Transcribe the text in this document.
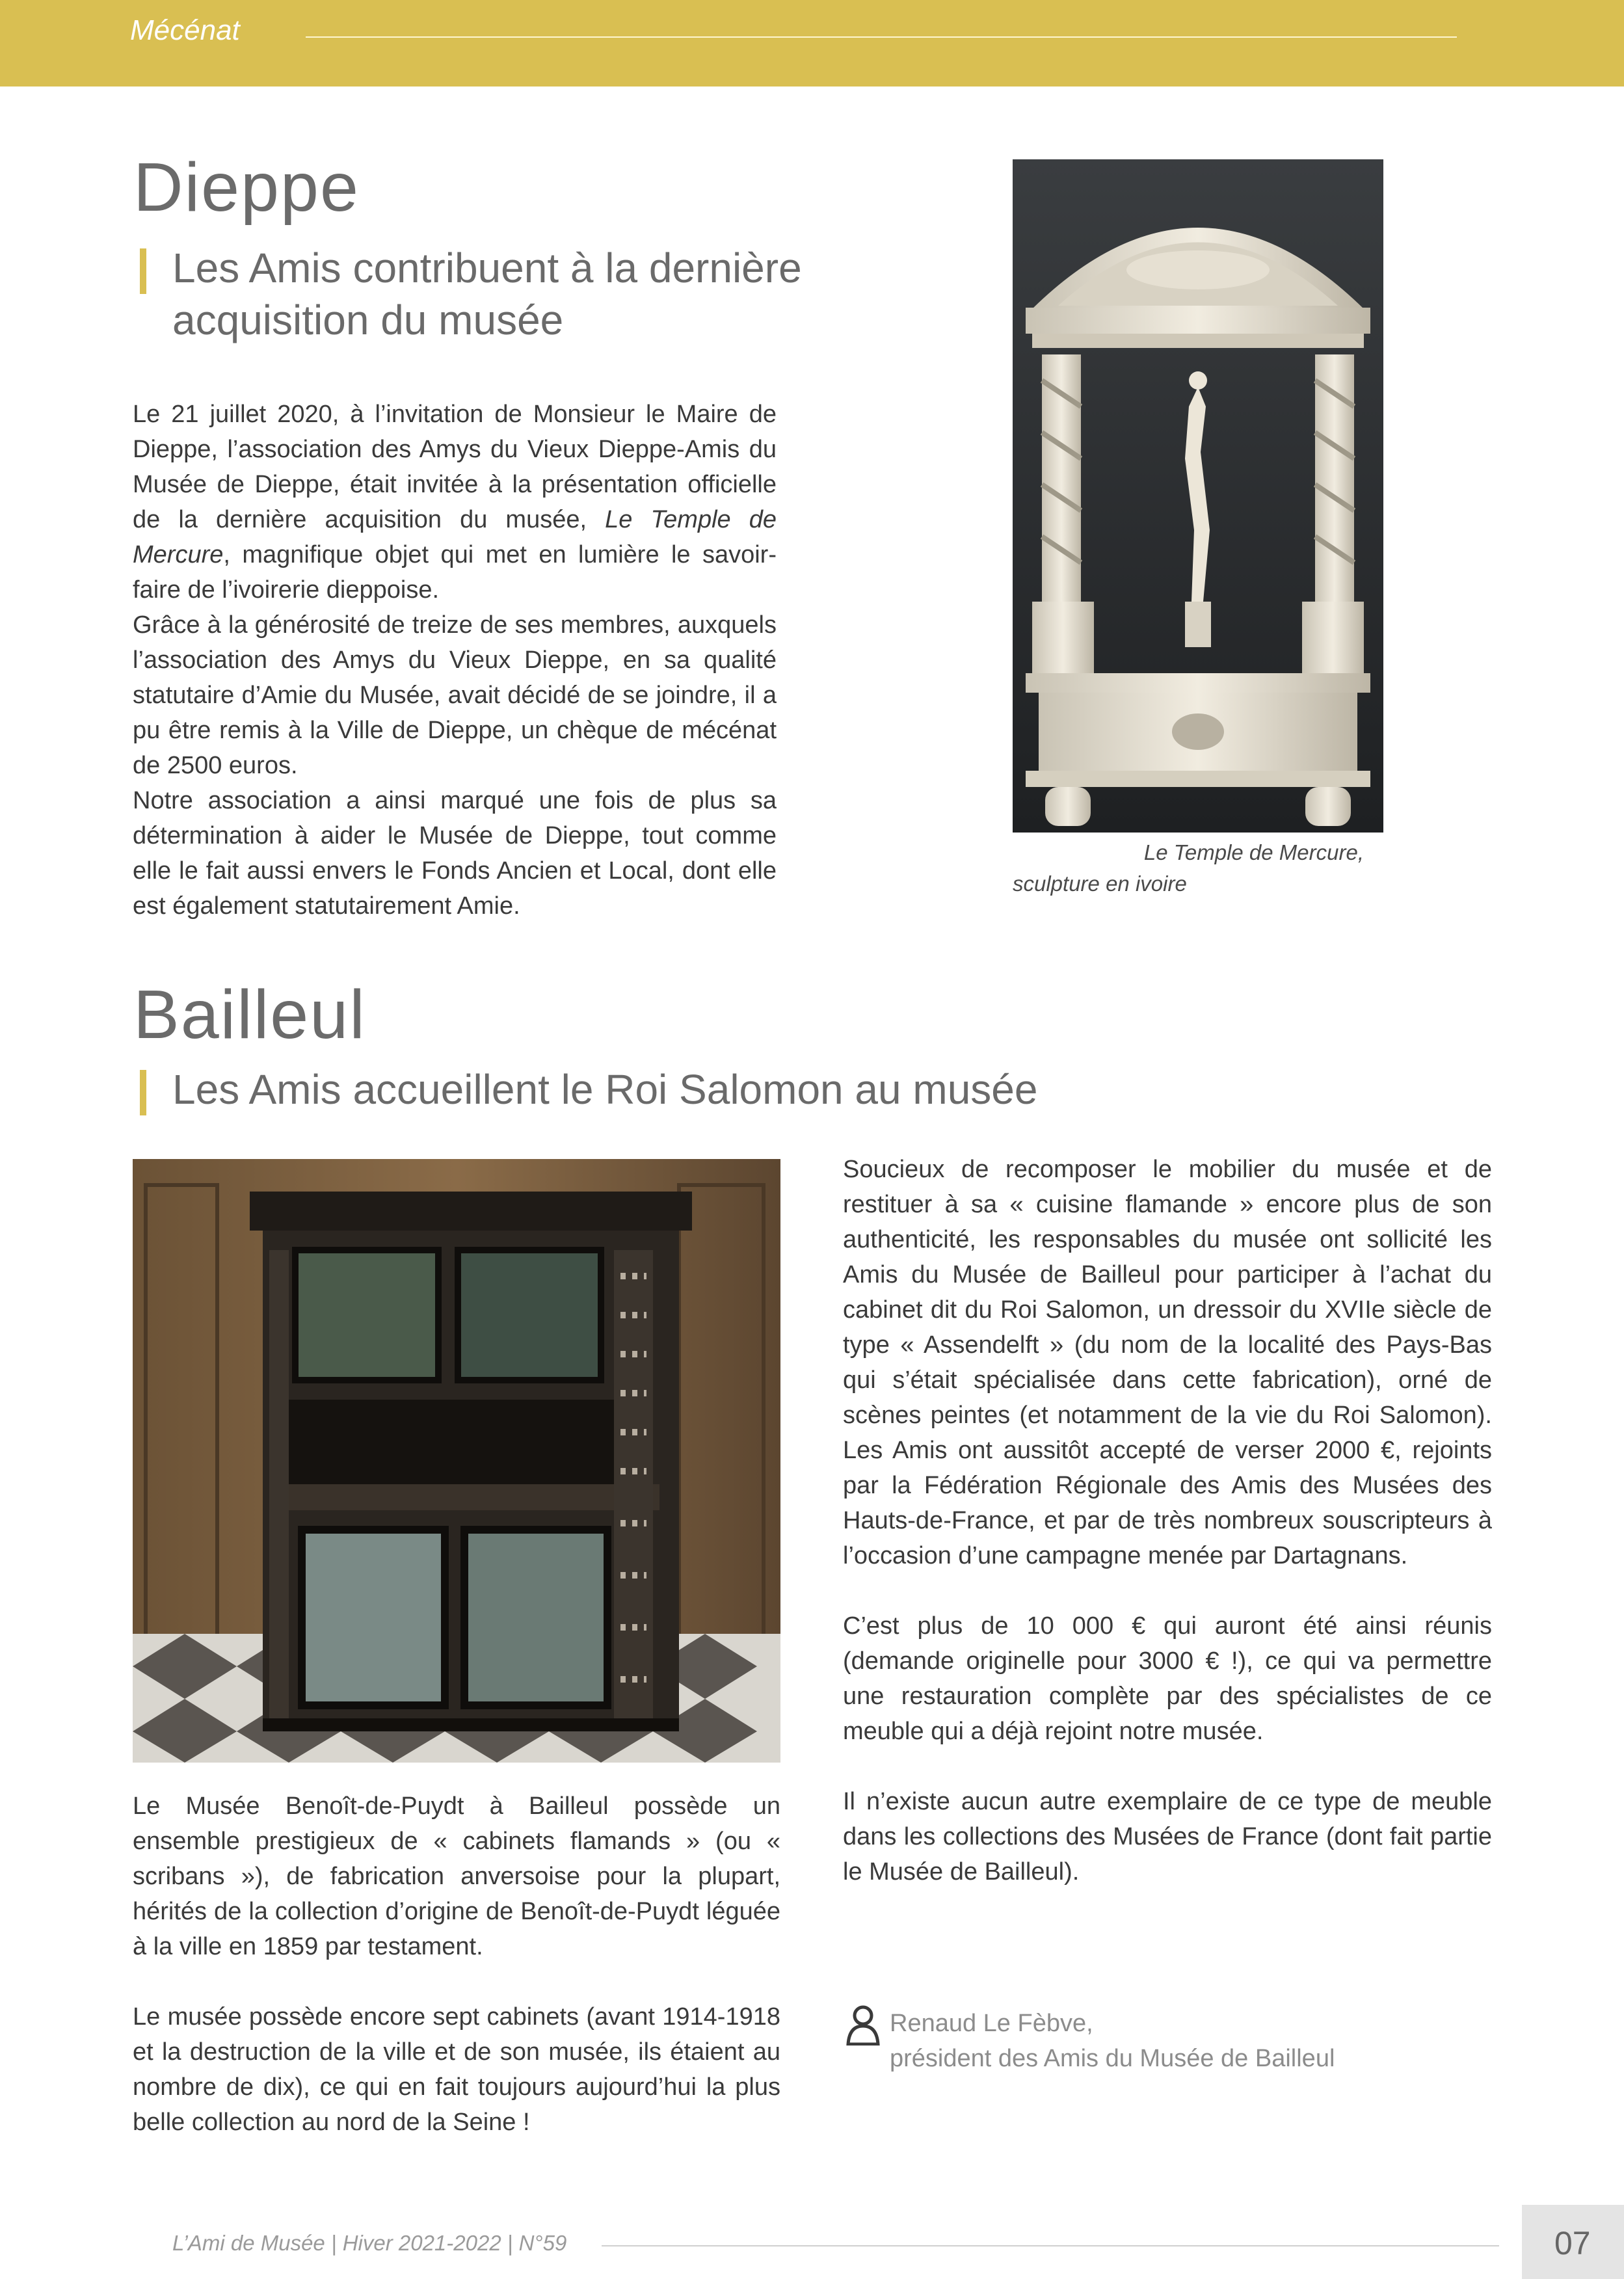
Mécénat
Dieppe
Les Amis contribuent à la dernière
acquisition du musée

Le 21 juillet 2020, à l’invitation de Monsieur le Maire de Dieppe, l’association des Amys du Vieux Dieppe-Amis du Musée de Dieppe, était invitée à la présentation officielle de la dernière acquisition du musée, Le Temple de Mercure, magnifique objet qui met en lumière le savoir-faire de l’ivoirerie dieppoise.

Grâce à la générosité de treize de ses membres, auxquels l’association des Amys du Vieux Dieppe, en sa qualité statutaire d’Amie du Musée, avait décidé de se joindre, il a pu être remis à la Ville de Dieppe, un chèque de mécénat de 2500 euros.

Notre association a ainsi marqué une fois de plus sa détermination à aider le Musée de Dieppe, tout comme elle le fait aussi envers le Fonds Ancien et Local, dont elle est également statutairement Amie.

Le Temple de Mercure,
sculpture en ivoire
Bailleul
Les Amis accueillent le Roi Salomon au musée

Le Musée Benoît-de-Puydt à Bailleul possède un ensemble prestigieux de « cabinets flamands » (ou « scribans »), de fabrication anversoise pour la plupart, hérités de la collection d’origine de Benoît-de-Puydt léguée à la ville en 1859 par testament.

Le musée possède encore sept cabinets (avant 1914-1918 et la destruction de la ville et de son musée, ils étaient au nombre de dix), ce qui en fait toujours aujourd’hui la plus belle collection au nord de la Seine !

Soucieux de recomposer le mobilier du musée et de restituer à sa « cuisine flamande » encore plus de son authenticité, les responsables du musée ont sollicité les Amis du Musée de Bailleul pour participer à l’achat du cabinet dit du Roi Salomon, un dressoir du XVIIe siècle de type « Assendelft » (du nom de la localité des Pays-Bas qui s’était spécialisée dans cette fabrication), orné de scènes peintes (et notamment de la vie du Roi Salomon). Les Amis ont aussitôt accepté de verser 2000 €, rejoints par la Fédération Régionale des Amis des Musées des Hauts-de-France, et par de très nombreux souscripteurs à l’occasion d’une campagne menée par Dartagnans.

C’est plus de 10 000 € qui auront été ainsi réunis (demande originelle pour 3000 € !), ce qui va permettre une restauration complète par des spécialistes de ce meuble qui a déjà rejoint notre musée.

Il n’existe aucun autre exemplaire de ce type de meuble dans les collections des Musées de France (dont fait partie le Musée de Bailleul).

Renaud Le Fèbve,
président des Amis du Musée de Bailleul
L’Ami de Musée | Hiver 2021-2022 | N°59	07
